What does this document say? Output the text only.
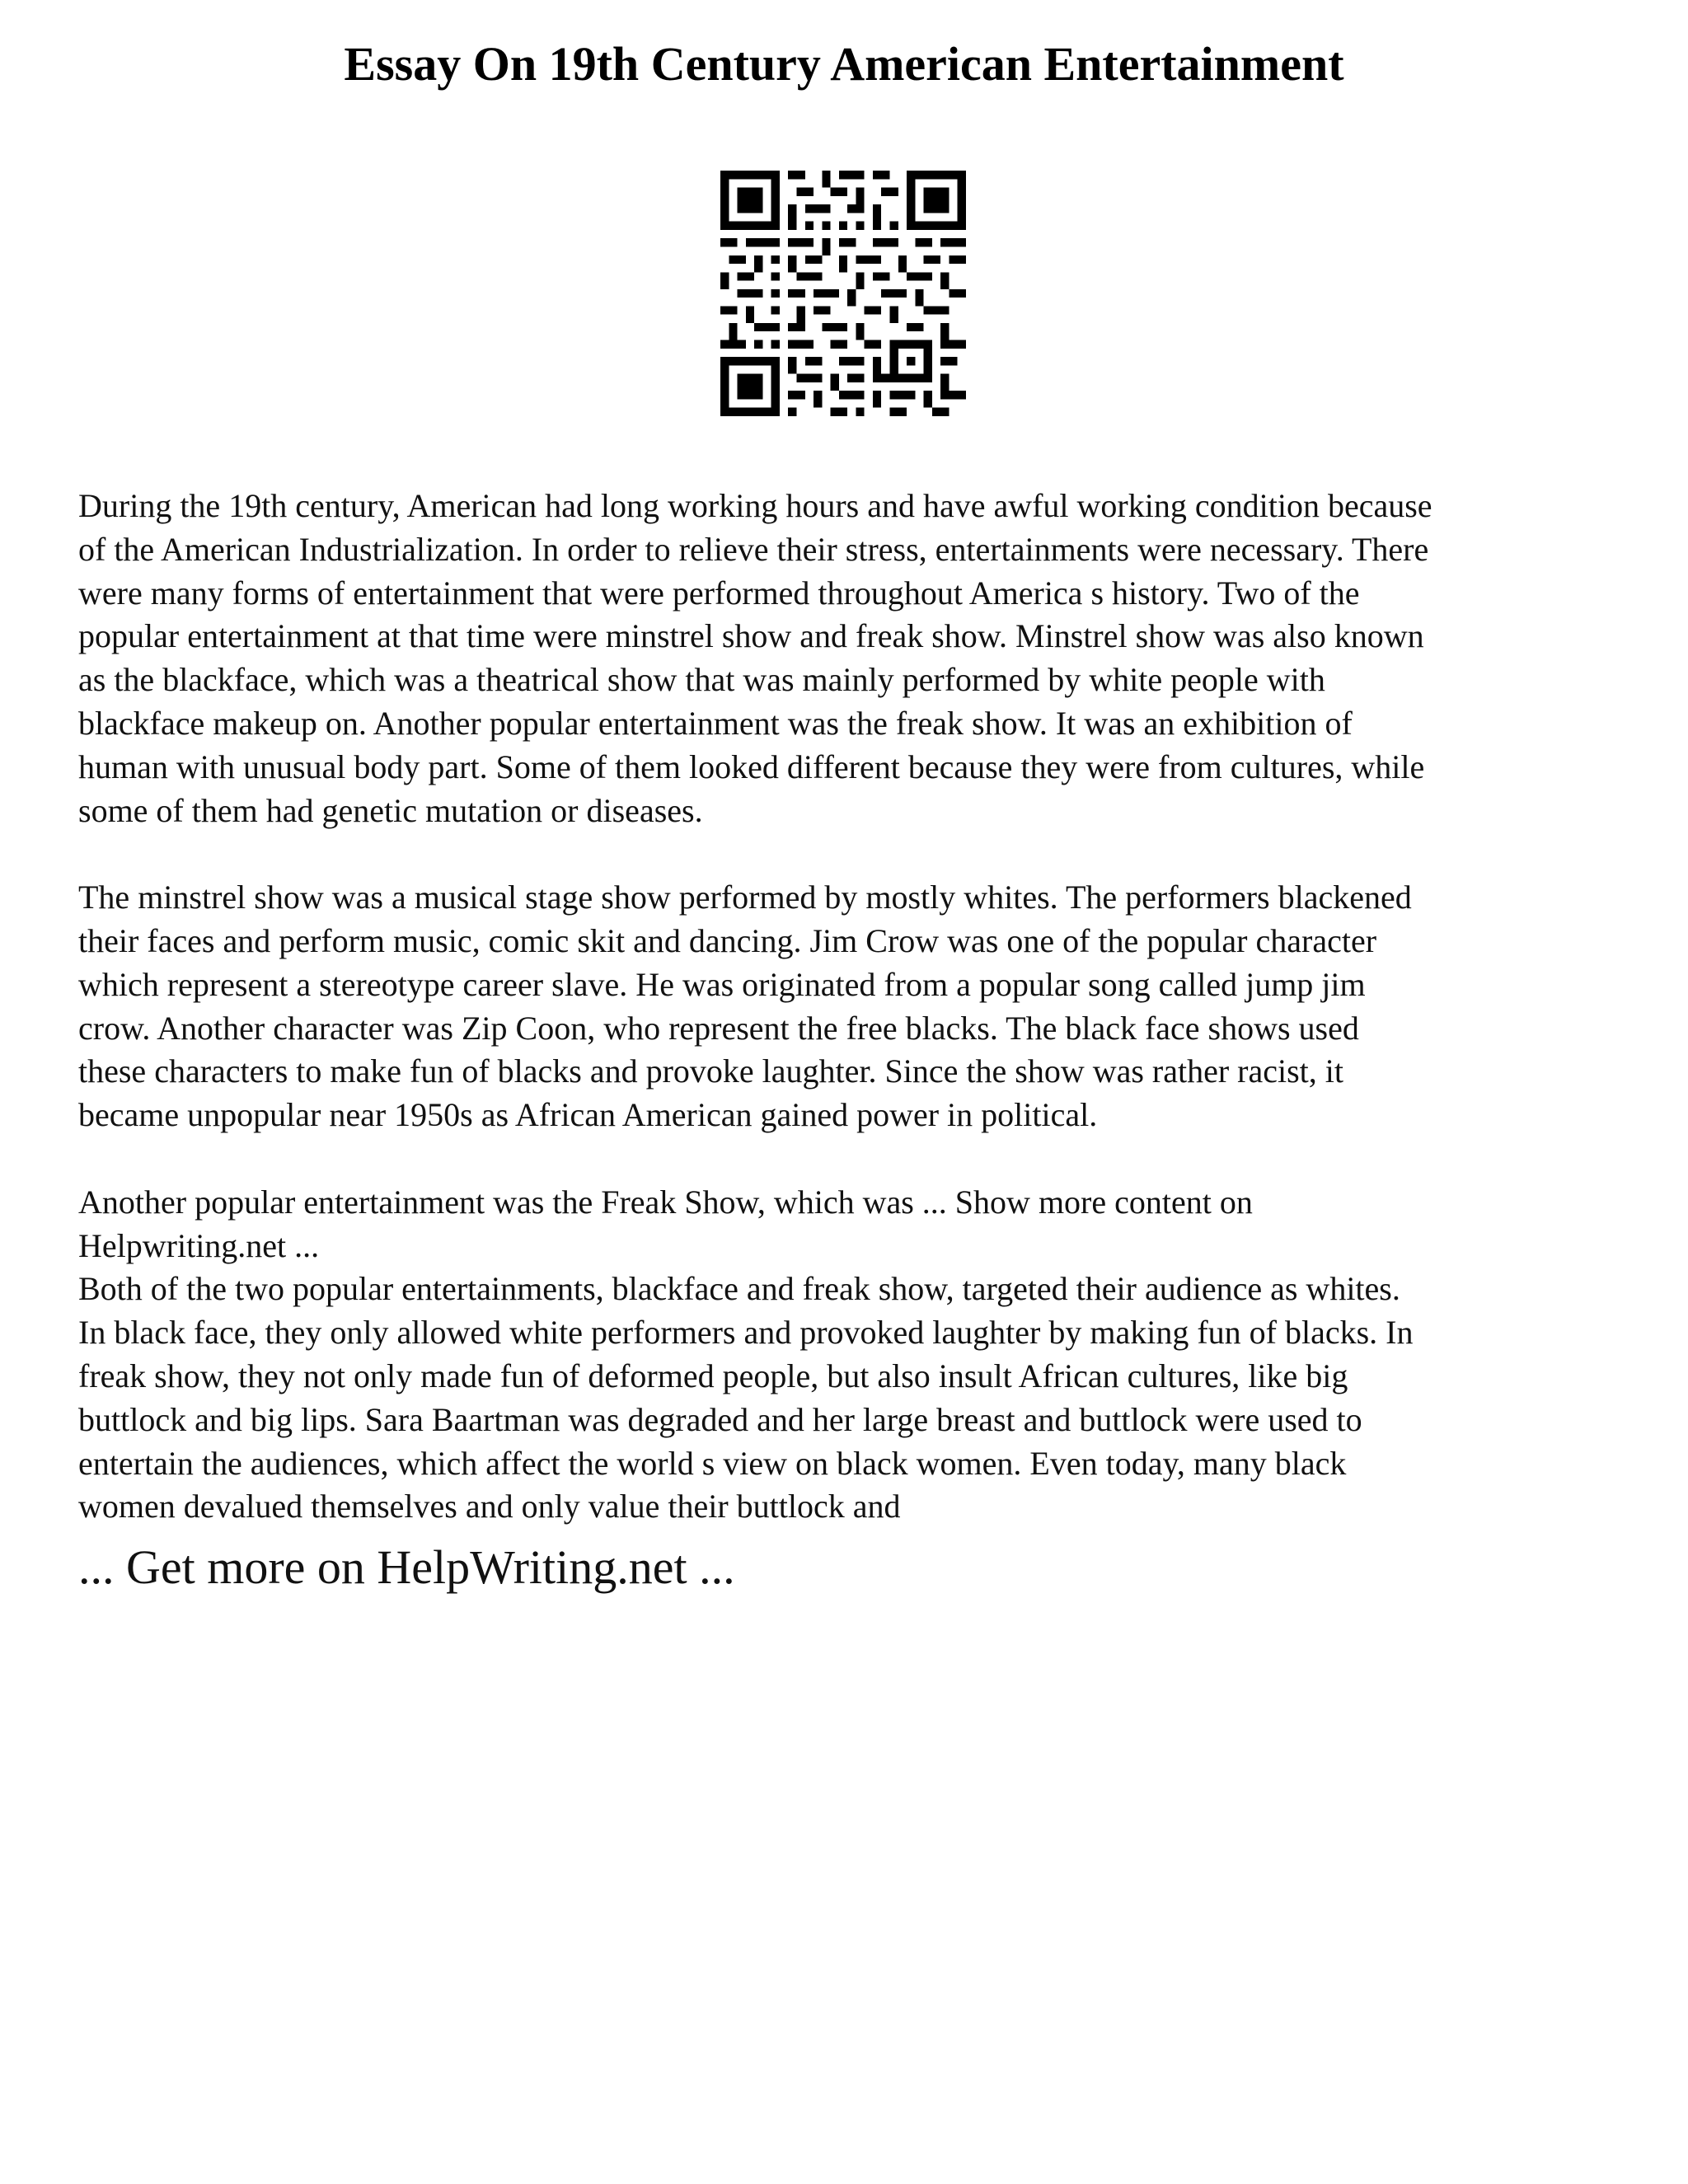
Essay On 19th Century American Entertainment

During the 19th century, American had long working hours and have awful working condition because
of the American Industrialization. In order to relieve their stress, entertainments were necessary. There
were many forms of entertainment that were performed throughout America s history. Two of the
popular entertainment at that time were minstrel show and freak show. Minstrel show was also known
as the blackface, which was a theatrical show that was mainly performed by white people with
blackface makeup on. Another popular entertainment was the freak show. It was an exhibition of
human with unusual body part. Some of them looked different because they were from cultures, while
some of them had genetic mutation or diseases.

The minstrel show was a musical stage show performed by mostly whites. The performers blackened
their faces and perform music, comic skit and dancing. Jim Crow was one of the popular character
which represent a stereotype career slave. He was originated from a popular song called jump jim
crow. Another character was Zip Coon, who represent the free blacks. The black face shows used
these characters to make fun of blacks and provoke laughter. Since the show was rather racist, it
became unpopular near 1950s as African American gained power in political.

Another popular entertainment was the Freak Show, which was ... Show more content on
Helpwriting.net ...

Both of the two popular entertainments, blackface and freak show, targeted their audience as whites.
In black face, they only allowed white performers and provoked laughter by making fun of blacks. In
freak show, they not only made fun of deformed people, but also insult African cultures, like big
buttlock and big lips. Sara Baartman was degraded and her large breast and buttlock were used to
entertain the audiences, which affect the world s view on black women. Even today, many black
women devalued themselves and only value their buttlock and

... Get more on HelpWriting.net ...
